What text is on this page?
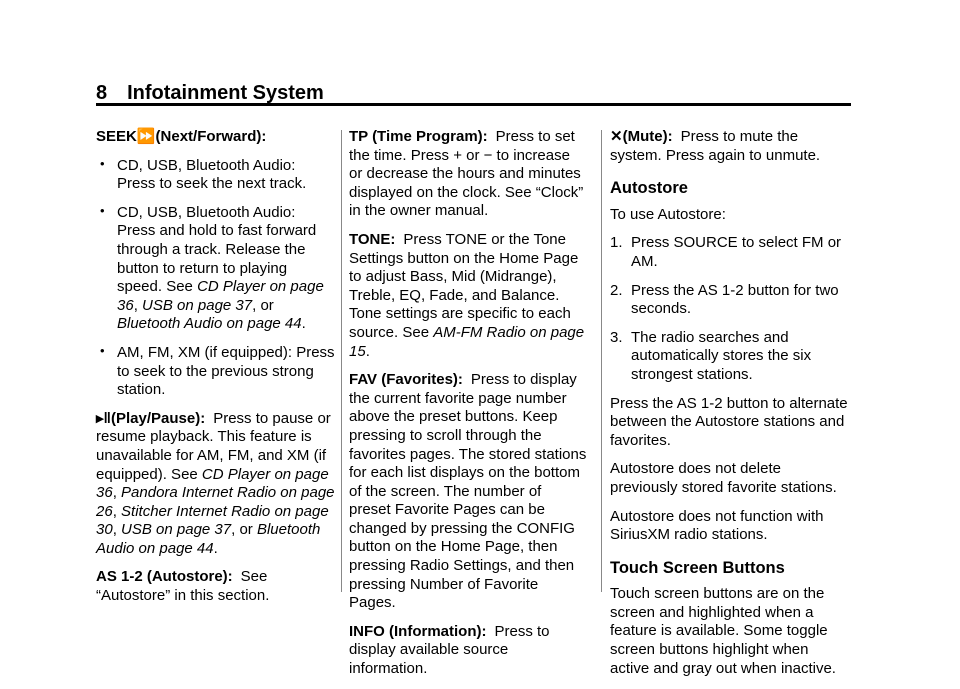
8 Infotainment System

SEEK⏩(Next/Forward):

• CD, USB, Bluetooth Audio: Press to seek the next track.
• CD, USB, Bluetooth Audio: Press and hold to fast forward through a track. Release the button to return to playing speed. See CD Player on page 36, USB on page 37, or Bluetooth Audio on page 44.
• AM, FM, XM (if equipped): Press to seek to the previous strong station.

▸‖(Play/Pause): Press to pause or resume playback. This feature is unavailable for AM, FM, and XM (if equipped). See CD Player on page 36, Pandora Internet Radio on page 26, Stitcher Internet Radio on page 30, USB on page 37, or Bluetooth Audio on page 44.

AS 1-2 (Autostore): See “Autostore” in this section.

TP (Time Program): Press to set the time. Press + or − to increase or decrease the hours and minutes displayed on the clock. See “Clock” in the owner manual.

TONE: Press TONE or the Tone Settings button on the Home Page to adjust Bass, Mid (Midrange), Treble, EQ, Fade, and Balance. Tone settings are specific to each source. See AM-FM Radio on page 15.

FAV (Favorites): Press to display the current favorite page number above the preset buttons. Keep pressing to scroll through the favorites pages. The stored stations for each list displays on the bottom of the screen. The number of preset Favorite Pages can be changed by pressing the CONFIG button on the Home Page, then pressing Radio Settings, and then pressing Number of Favorite Pages.

INFO (Information): Press to display available source information.

✕(Mute): Press to mute the system. Press again to unmute.

Autostore

To use Autostore:

1. Press SOURCE to select FM or AM.
2. Press the AS 1-2 button for two seconds.
3. The radio searches and automatically stores the six strongest stations.

Press the AS 1-2 button to alternate between the Autostore stations and favorites.

Autostore does not delete previously stored favorite stations.

Autostore does not function with SiriusXM radio stations.

Touch Screen Buttons

Touch screen buttons are on the screen and highlighted when a feature is available. Some toggle screen buttons highlight when active and gray out when inactive.
